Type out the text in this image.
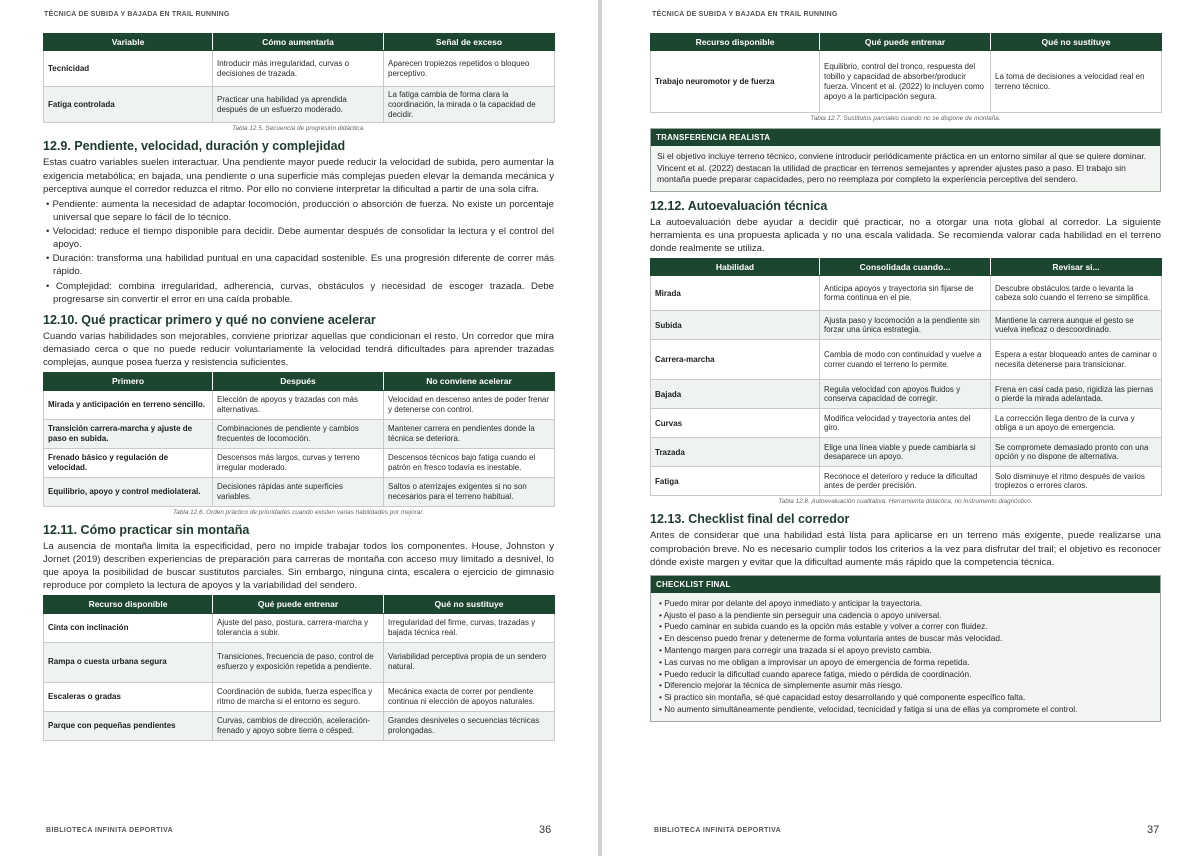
TÉCNICA DE SUBIDA Y BAJADA EN TRAIL RUNNING
Variable	Cómo aumentarla	Señal de exceso
Tecnicidad	Introducir más irregularidad, curvas o decisiones de trazada.	Aparecen tropiezos repetidos o bloqueo perceptivo.
Fatiga controlada	Practicar una habilidad ya aprendida después de un esfuerzo moderado.	La fatiga cambia de forma clara la coordinación, la mirada o la capacidad de decidir.
Tabla 12.5. Secuencia de progresión didáctica.
12.9. Pendiente, velocidad, duración y complejidad

Estas cuatro variables suelen interactuar. Una pendiente mayor puede reducir la velocidad de subida, pero aumentar la exigencia metabólica; en bajada, una pendiente o una superficie más complejas pueden elevar la demanda mecánica y perceptiva aunque el corredor reduzca el ritmo. Por ello no conviene interpretar la dificultad a partir de una sola cifra.

• Pendiente: aumenta la necesidad de adaptar locomoción, producción o absorción de fuerza. No existe un porcentaje universal que separe lo fácil de lo técnico.
• Velocidad: reduce el tiempo disponible para decidir. Debe aumentar después de consolidar la lectura y el control del apoyo.
• Duración: transforma una habilidad puntual en una capacidad sostenible. Es una progresión diferente de correr más rápido.
• Complejidad: combina irregularidad, adherencia, curvas, obstáculos y necesidad de escoger trazada. Debe progresarse sin convertir el error en una caída probable.
12.10. Qué practicar primero y qué no conviene acelerar

Cuando varias habilidades son mejorables, conviene priorizar aquellas que condicionan el resto. Un corredor que mira demasiado cerca o que no puede reducir voluntariamente la velocidad tendrá dificultades para aprender trazadas complejas, aunque posea fuerza y resistencia suficientes.

Primero	Después	No conviene acelerar
Mirada y anticipación en terreno sencillo.	Elección de apoyos y trazadas con más alternativas.	Velocidad en descenso antes de poder frenar y detenerse con control.
Transición carrera-marcha y ajuste de paso en subida.	Combinaciones de pendiente y cambios frecuentes de locomoción.	Mantener carrera en pendientes donde la técnica se deteriora.
Frenado básico y regulación de velocidad.	Descensos más largos, curvas y terreno irregular moderado.	Descensos técnicos bajo fatiga cuando el patrón en fresco todavía es inestable.
Equilibrio, apoyo y control mediolateral.	Decisiones rápidas ante superficies variables.	Saltos o aterrizajes exigentes si no son necesarios para el terreno habitual.
Tabla 12.6. Orden práctico de prioridades cuando existen varias habilidades por mejorar.
12.11. Cómo practicar sin montaña

La ausencia de montaña limita la especificidad, pero no impide trabajar todos los componentes. House, Johnston y Jornet (2019) describen experiencias de preparación para carreras de montaña con acceso muy limitado a desnivel, lo que apoya la posibilidad de buscar sustitutos parciales. Sin embargo, ninguna cinta, escalera o ejercicio de gimnasio reproduce por completo la lectura de apoyos y la variabilidad del sendero.

Recurso disponible	Qué puede entrenar	Qué no sustituye
Cinta con inclinación	Ajuste del paso, postura, carrera-marcha y tolerancia a subir.	Irregularidad del firme, curvas, trazadas y bajada técnica real.
Rampa o cuesta urbana segura	Transiciones, frecuencia de paso, control de esfuerzo y exposición repetida a pendiente.	Variabilidad perceptiva propia de un sendero natural.
Escaleras o gradas	Coordinación de subida, fuerza específica y ritmo de marcha si el entorno es seguro.	Mecánica exacta de correr por pendiente continua ni elección de apoyos naturales.
Parque con pequeñas pendientes	Curvas, cambios de dirección, aceleración-frenado y apoyo sobre tierra o césped.	Grandes desniveles o secuencias técnicas prolongadas.
BIBLIOTECA INFINITA DEPORTIVA	36
TÉCNICA DE SUBIDA Y BAJADA EN TRAIL RUNNING
Recurso disponible	Qué puede entrenar	Qué no sustituye
Trabajo neuromotor y de fuerza	Equilibrio, control del tronco, respuesta del tobillo y capacidad de absorber/producir fuerza. Vincent et al. (2022) lo incluyen como apoyo a la participación segura.	La toma de decisiones a velocidad real en terreno técnico.
Tabla 12.7. Sustitutos parciales cuando no se dispone de montaña.
TRANSFERENCIA REALISTA
Si el objetivo incluye terreno técnico, conviene introducir periódicamente práctica en un entorno similar al que se quiere dominar. Vincent et al. (2022) destacan la utilidad de practicar en terrenos semejantes y aprender ajustes paso a paso. El trabajo sin montaña puede preparar capacidades, pero no reemplaza por completo la experiencia perceptiva del sendero.
12.12. Autoevaluación técnica

La autoevaluación debe ayudar a decidir qué practicar, no a otorgar una nota global al corredor. La siguiente herramienta es una propuesta aplicada y no una escala validada. Se recomienda valorar cada habilidad en el terreno donde realmente se utiliza.

Habilidad	Consolidada cuando...	Revisar si...
Mirada	Anticipa apoyos y trayectoria sin fijarse de forma continua en el pie.	Descubre obstáculos tarde o levanta la cabeza solo cuando el terreno se simplifica.
Subida	Ajusta paso y locomoción a la pendiente sin forzar una única estrategia.	Mantiene la carrera aunque el gesto se vuelva ineficaz o descoordinado.
Carrera-marcha	Cambia de modo con continuidad y vuelve a correr cuando el terreno lo permite.	Espera a estar bloqueado antes de caminar o necesita detenerse para transicionar.
Bajada	Regula velocidad con apoyos fluidos y conserva capacidad de corregir.	Frena en casi cada paso, rigidiza las piernas o pierde la mirada adelantada.
Curvas	Modifica velocidad y trayectoria antes del giro.	La corrección llega dentro de la curva y obliga a un apoyo de emergencia.
Trazada	Elige una línea viable y puede cambiarla si desaparece un apoyo.	Se compromete demasiado pronto con una opción y no dispone de alternativa.
Fatiga	Reconoce el deterioro y reduce la dificultad antes de perder precisión.	Solo disminuye el ritmo después de varios tropiezos o errores claros.
Tabla 12.8. Autoevaluación cualitativa. Herramienta didáctica, no instrumento diagnóstico.
12.13. Checklist final del corredor

Antes de considerar que una habilidad está lista para aplicarse en un terreno más exigente, puede realizarse una comprobación breve. No es necesario cumplir todos los criterios a la vez para disfrutar del trail; el objetivo es reconocer dónde existe margen y evitar que la dificultad aumente más rápido que la competencia técnica.

CHECKLIST FINAL
• Puedo mirar por delante del apoyo inmediato y anticipar la trayectoria.
• Ajusto el paso a la pendiente sin perseguir una cadencia o apoyo universal.
• Puedo caminar en subida cuando es la opción más estable y volver a correr con fluidez.
• En descenso puedo frenar y detenerme de forma voluntaria antes de buscar más velocidad.
• Mantengo margen para corregir una trazada si el apoyo previsto cambia.
• Las curvas no me obligan a improvisar un apoyo de emergencia de forma repetida.
• Puedo reducir la dificultad cuando aparece fatiga, miedo o pérdida de coordinación.
• Diferencio mejorar la técnica de simplemente asumir más riesgo.
• Si practico sin montaña, sé qué capacidad estoy desarrollando y qué componente específico falta.
• No aumento simultáneamente pendiente, velocidad, tecnicidad y fatiga si una de ellas ya compromete el control.
BIBLIOTECA INFINITA DEPORTIVA	37
